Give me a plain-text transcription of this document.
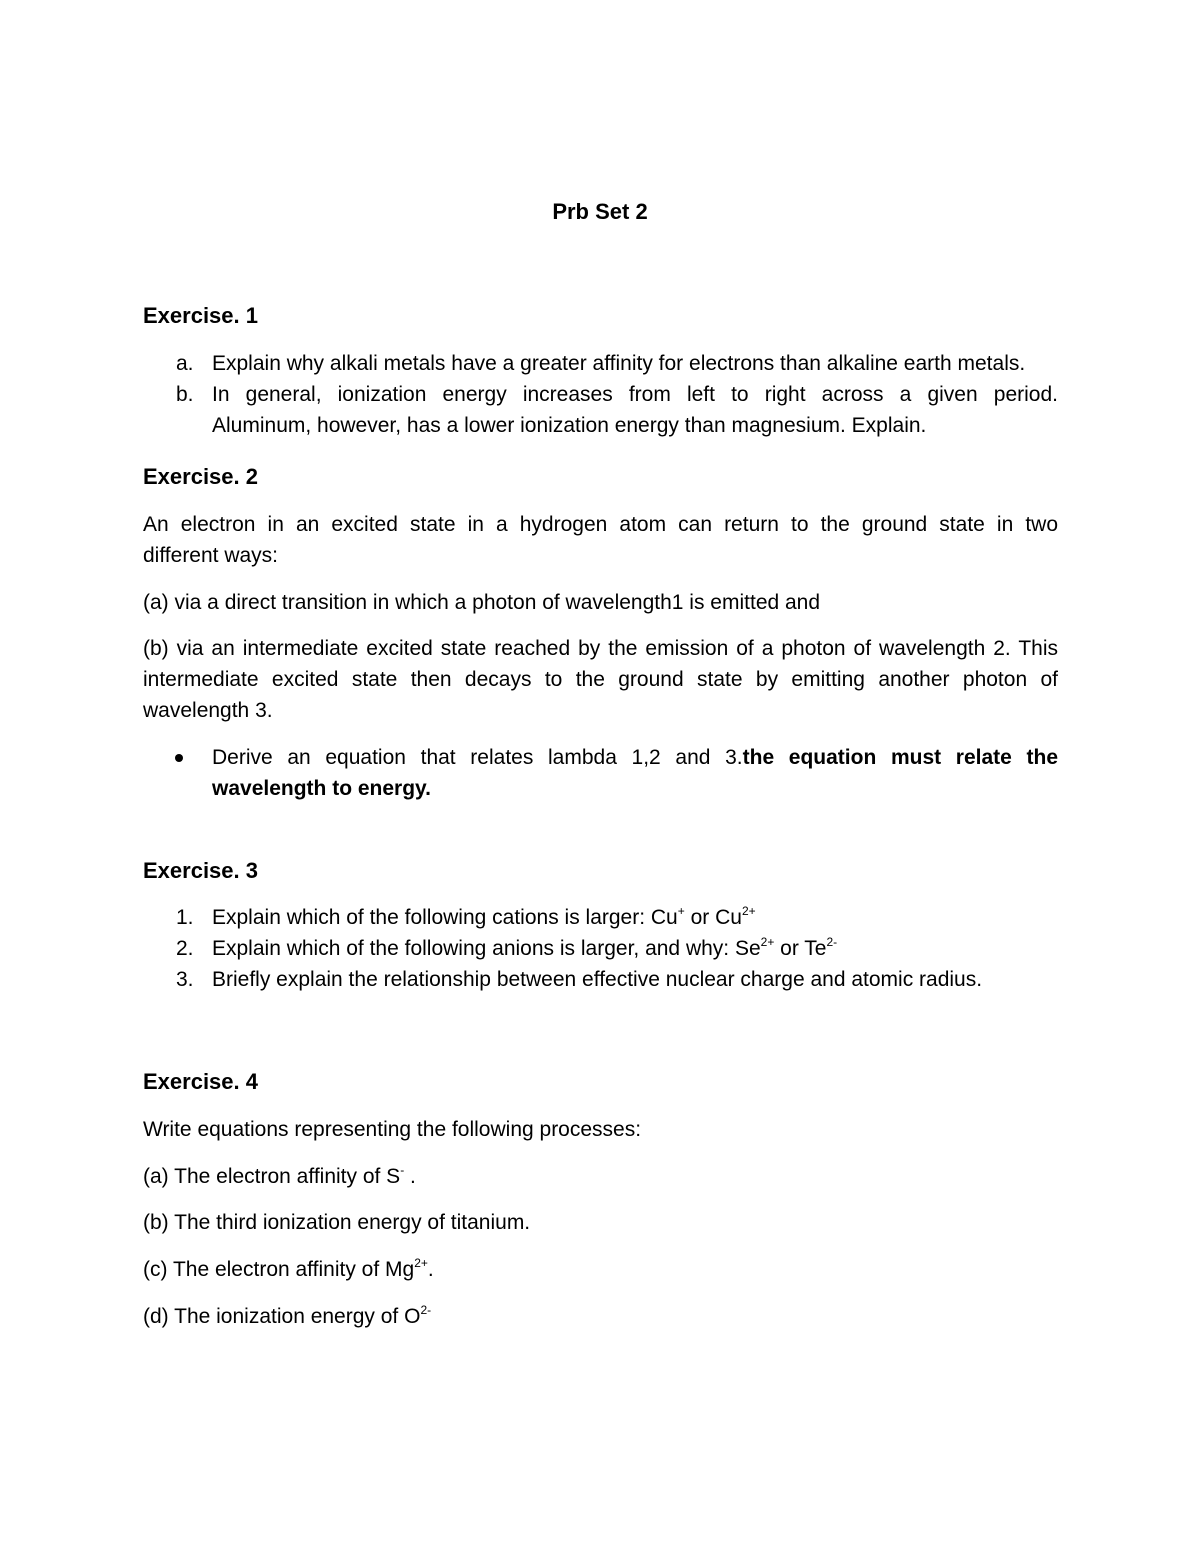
Prb Set 2
Exercise. 1
a. Explain why alkali metals have a greater affinity for electrons than alkaline earth metals.
b. In general, ionization energy increases from left to right across a given period.
Aluminum, however, has a lower ionization energy than magnesium. Explain.
Exercise. 2
An electron in an excited state in a hydrogen atom can return to the ground state in two
different ways:
(a) via a direct transition in which a photon of wavelength1 is emitted and
(b) via an intermediate excited state reached by the emission of a photon of wavelength 2. This
intermediate excited state then decays to the ground state by emitting another photon of
wavelength 3.
Derive an equation that relates lambda 1,2 and 3.the equation must relate the
wavelength to energy.
Exercise. 3
1. Explain which of the following cations is larger: Cu+ or $Cu^{2+}$
2. Explain which of the following anions is larger, and why: $Se^{2+}$ or $Te^{2-}$
3. Briefly explain the relationship between effective nuclear charge and atomic radius.
Exercise. 4
Write equations representing the following processes:
(a) The electron affinity of S- .
(b) The third ionization energy of titanium.
(c) The electron affinity of $Mg^{2+}$.
(d) The ionization energy of $O^{2-}$
